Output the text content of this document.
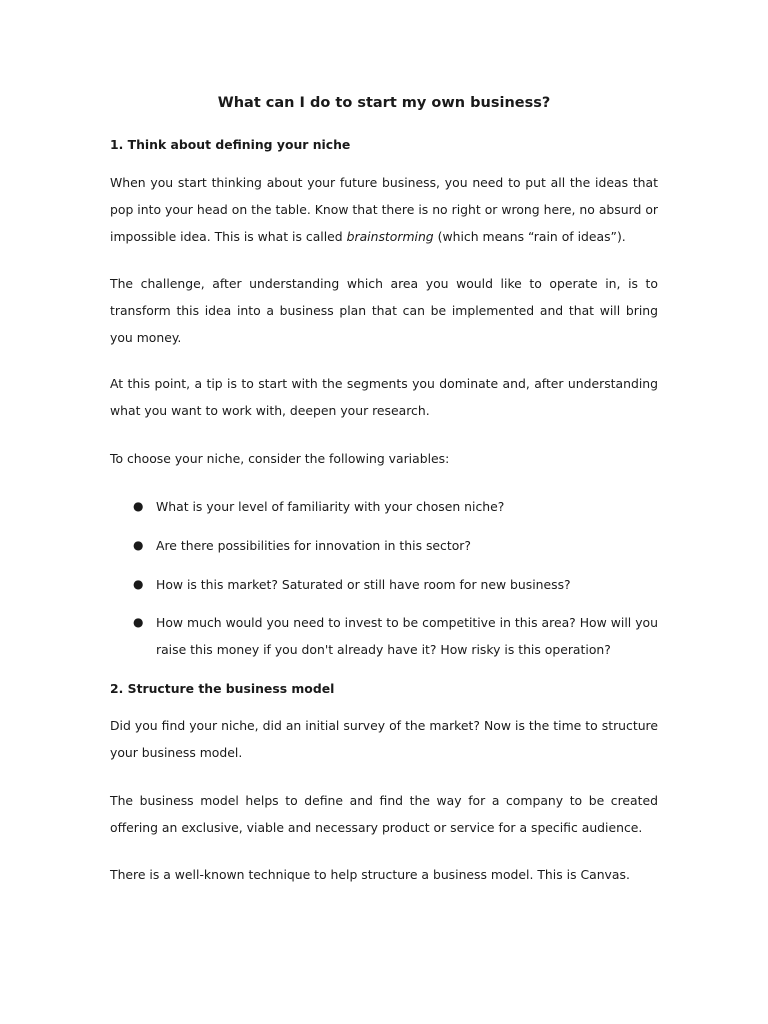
What can I do to start my own business?
1. Think about defining your niche

When you start thinking about your future business, you need to put all the ideas that pop into your head on the table. Know that there is no right or wrong here, no absurd or impossible idea. This is what is called brainstorming (which means “rain of ideas”).

The challenge, after understanding which area you would like to operate in, is to transform this idea into a business plan that can be implemented and that will bring you money.

At this point, a tip is to start with the segments you dominate and, after understanding what you want to work with, deepen your research.

To choose your niche, consider the following variables:

● What is your level of familiarity with your chosen niche?
● Are there possibilities for innovation in this sector?
● How is this market? Saturated or still have room for new business?
● How much would you need to invest to be competitive in this area? How will you raise this money if you don't already have it? How risky is this operation?
2. Structure the business model

Did you find your niche, did an initial survey of the market? Now is the time to structure your business model.

The business model helps to define and find the way for a company to be created offering an exclusive, viable and necessary product or service for a specific audience.

There is a well-known technique to help structure a business model. This is Canvas.
